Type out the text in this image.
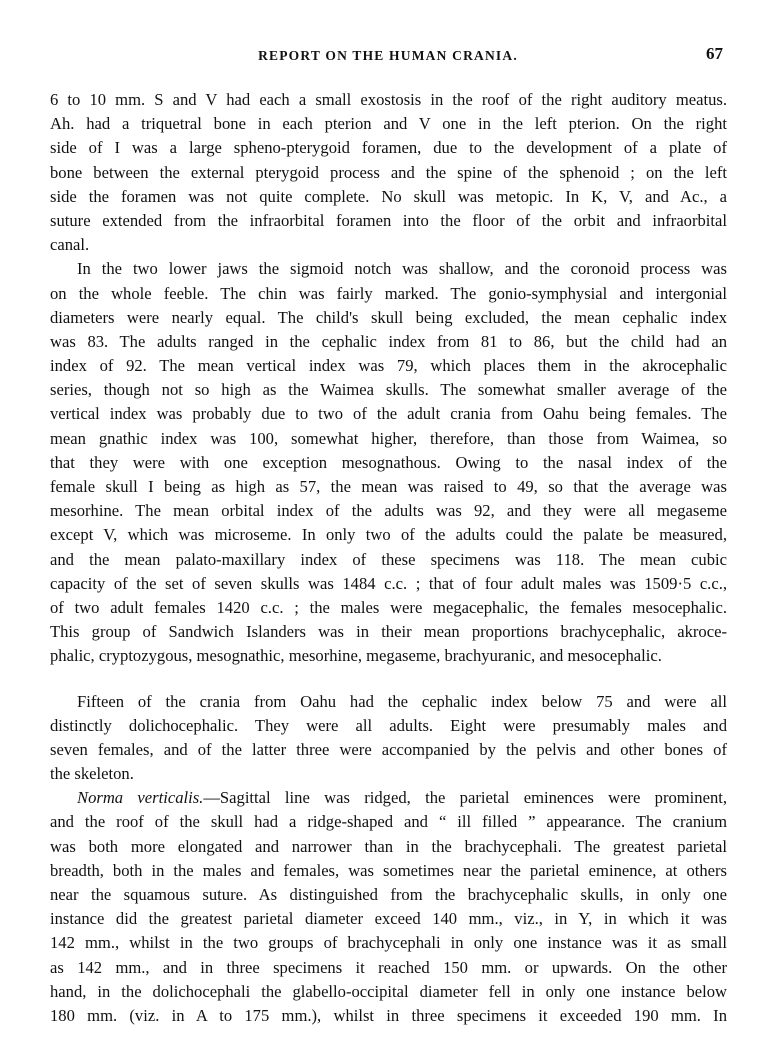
REPORT ON THE HUMAN CRANIA.	67
6 to 10 mm. S and V had each a small exostosis in the roof of the right auditory meatus.
Ah. had a triquetral bone in each pterion and V one in the left pterion. On the right
side of I was a large spheno-pterygoid foramen, due to the development of a plate of
bone between the external pterygoid process and the spine of the sphenoid ; on the left
side the foramen was not quite complete. No skull was metopic. In K, V, and Ac., a
suture extended from the infraorbital foramen into the floor of the orbit and infraorbital
canal.
In the two lower jaws the sigmoid notch was shallow, and the coronoid process was
on the whole feeble. The chin was fairly marked. The gonio-symphysial and intergonial
diameters were nearly equal. The child's skull being excluded, the mean cephalic index
was 83. The adults ranged in the cephalic index from 81 to 86, but the child had an
index of 92. The mean vertical index was 79, which places them in the akrocephalic
series, though not so high as the Waimea skulls. The somewhat smaller average of the
vertical index was probably due to two of the adult crania from Oahu being females. The
mean gnathic index was 100, somewhat higher, therefore, than those from Waimea, so
that they were with one exception mesognathous. Owing to the nasal index of the
female skull I being as high as 57, the mean was raised to 49, so that the average was
mesorhine. The mean orbital index of the adults was 92, and they were all megaseme
except V, which was microseme. In only two of the adults could the palate be measured,
and the mean palato-maxillary index of these specimens was 118. The mean cubic
capacity of the set of seven skulls was 1484 c.c. ; that of four adult males was 1509·5 c.c.,
of two adult females 1420 c.c. ; the males were megacephalic, the females mesocephalic.
This group of Sandwich Islanders was in their mean proportions brachycephalic, akroce-
phalic, cryptozygous, mesognathic, mesorhine, megaseme, brachyuranic, and mesocephalic.
Fifteen of the crania from Oahu had the cephalic index below 75 and were all
distinctly dolichocephalic. They were all adults. Eight were presumably males and
seven females, and of the latter three were accompanied by the pelvis and other bones of
the skeleton.
Norma verticalis.—Sagittal line was ridged, the parietal eminences were prominent,
and the roof of the skull had a ridge-shaped and “ ill filled ” appearance. The cranium
was both more elongated and narrower than in the brachycephali. The greatest parietal
breadth, both in the males and females, was sometimes near the parietal eminence, at others
near the squamous suture. As distinguished from the brachycephalic skulls, in only one
instance did the greatest parietal diameter exceed 140 mm., viz., in Y, in which it was
142 mm., whilst in the two groups of brachycephali in only one instance was it as small
as 142 mm., and in three specimens it reached 150 mm. or upwards. On the other
hand, in the dolichocephali the glabello-occipital diameter fell in only one instance below
180 mm. (viz. in A to 175 mm.), whilst in three specimens it exceeded 190 mm. In
